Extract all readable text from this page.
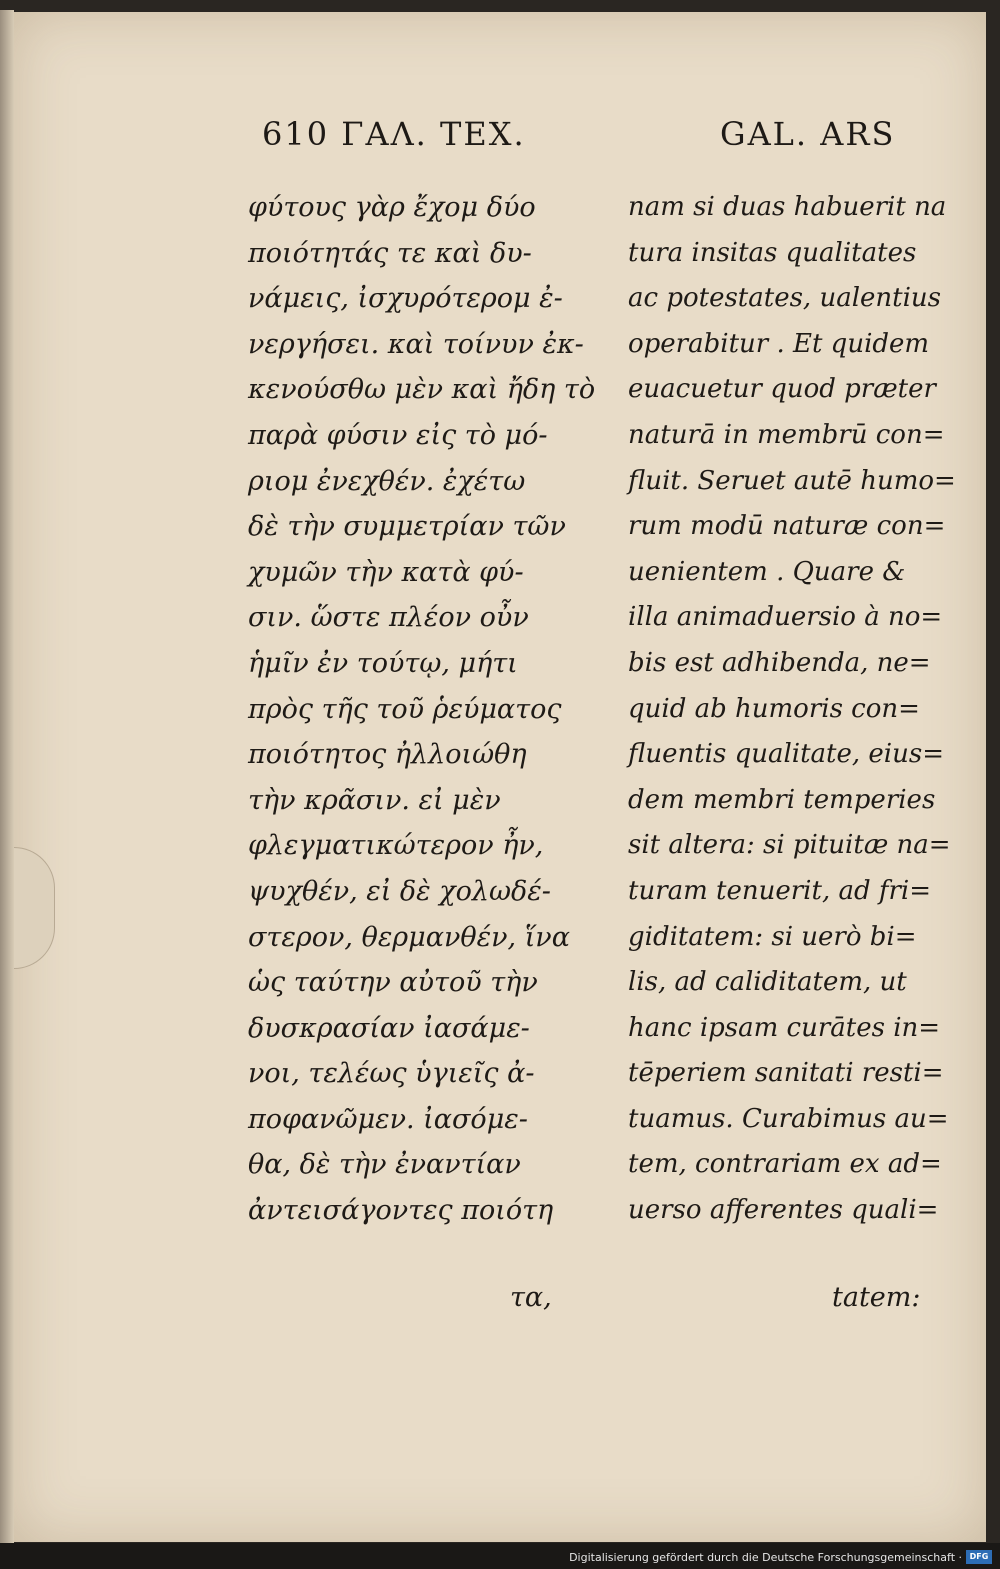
610 ΓΑΛ. ΤΕΧ.	GAL. ARS
φύτους γὰρ ἔχομ δύο
ποιότητάς τε καὶ δυ-
νάμεις, ἰσχυρότερομ ἐ-
νεργήσει. καὶ τοίνυν ἐκ-
κενούσθω μὲν καὶ ἤδη τὸ
παρὰ φύσιν εἰς τὸ μό-
ριομ ἐνεχθέν. ἐχέτω
δὲ τὴν συμμετρίαν τῶν
χυμῶν τὴν κατὰ φύ-
σιν. ὥστε πλέον οὖν
ἡμῖν ἐν τούτῳ, μήτι
πρὸς τῆς τοῦ ῥεύματος
ποιότητος ἠλλοιώθη
τὴν κρᾶσιν. εἰ μὲν
φλεγματικώτερον ἦν,
ψυχθέν, εἰ δὲ χολωδέ-
στερον, θερμανθέν, ἵνα
ὡς ταύτην αὐτοῦ τὴν
δυσκρασίαν ἰασάμε-
νοι, τελέως ὑγιεῖς ἀ-
ποφανῶμεν. ἰασόμε-
θα, δὲ τὴν ἐναντίαν
ἀντεισάγοντες ποιότη
nam si duas habuerit na
tura insitas qualitates
ac potestates, ualentius
operabitur . Et quidem
euacuetur quod præter
naturā in membrū con=
fluit. Seruet autē humo=
rum modū naturæ con=
uenientem . Quare &
illa animaduersio à no=
bis est adhibenda, ne=
quid ab humoris con=
fluentis qualitate, eius=
dem membri temperies
sit altera: si pituitæ na=
turam tenuerit, ad fri=
giditatem: si uerò bi=
lis, ad caliditatem, ut
hanc ipsam curātes in=
tēperiem sanitati resti=
tuamus. Curabimus au=
tem, contrariam ex ad=
uerso afferentes quali=
τα,	tatem:
Digitalisierung gefördert durch die Deutsche Forschungsgemeinschaft · DFG
